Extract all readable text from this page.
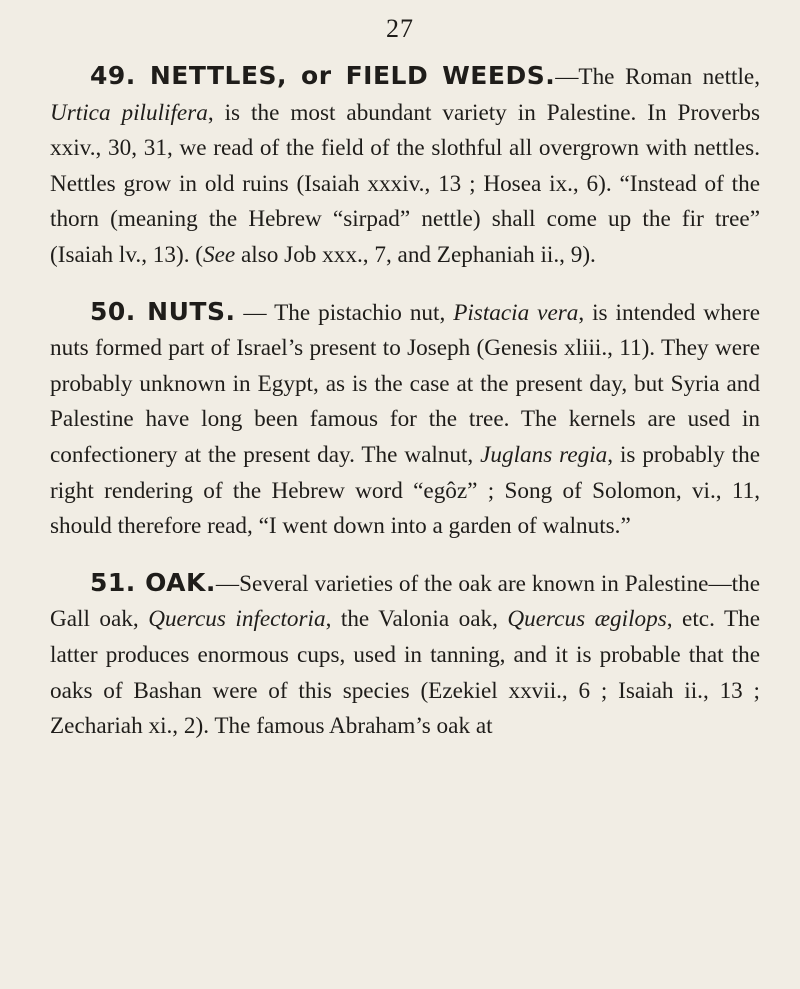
27

49. NETTLES, or FIELD WEEDS.—The Roman nettle, Urtica pilulifera, is the most abundant variety in Palestine. In Proverbs xxiv., 30, 31, we read of the field of the slothful all overgrown with nettles. Nettles grow in old ruins (Isaiah xxxiv., 13 ; Hosea ix., 6). “Instead of the thorn (meaning the Hebrew “sirpad” nettle) shall come up the fir tree” (Isaiah lv., 13). (See also Job xxx., 7, and Zephaniah ii., 9).

50. NUTS. — The pistachio nut, Pistacia vera, is intended where nuts formed part of Israel’s present to Joseph (Genesis xliii., 11). They were probably unknown in Egypt, as is the case at the present day, but Syria and Palestine have long been famous for the tree. The kernels are used in confectionery at the present day. The walnut, Juglans regia, is probably the right rendering of the Hebrew word “egôz” ; Song of Solomon, vi., 11, should therefore read, “I went down into a garden of walnuts.”

51. OAK.—Several varieties of the oak are known in Palestine—the Gall oak, Quercus infectoria, the Valonia oak, Quercus ægilops, etc. The latter produces enormous cups, used in tanning, and it is probable that the oaks of Bashan were of this species (Ezekiel xxvii., 6 ; Isaiah ii., 13 ; Zechariah xi., 2). The famous Abraham’s oak at
